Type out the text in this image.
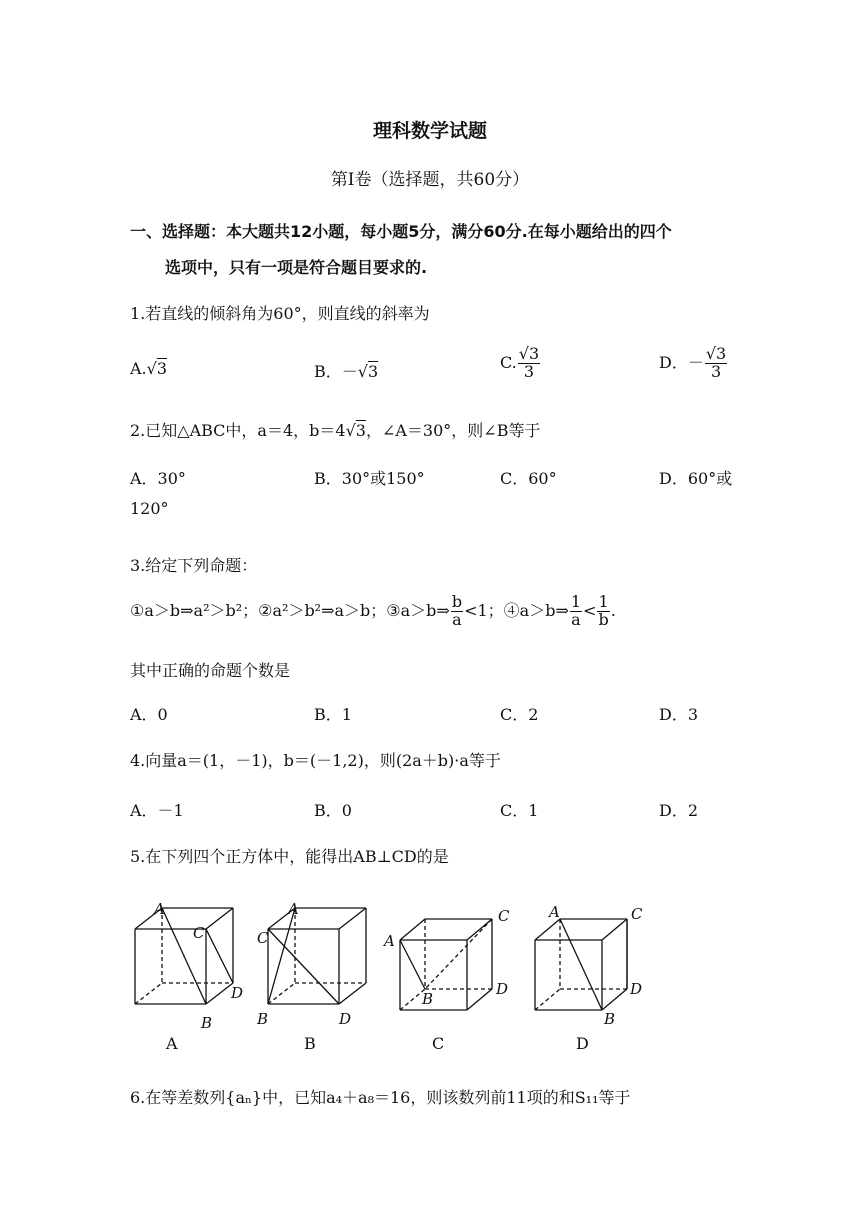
理科数学试题
第Ⅰ卷（选择题，共60分）
一、选择题：本大题共12小题，每小题5分，满分60分.在每小题给出的四个
选项中，只有一项是符合题目要求的.
1.若直线的倾斜角为60°，则直线的斜率为
A.√3	B．－√3	C. $\frac{√3}{3}$	D．－ $\frac{√3}{3}$
2.已知△ABC中，a＝4，b＝4√3，∠A＝30°，则∠B等于
A．30°	B．30°或150°	C．60°	D．60°或
120°
3.给定下列命题：
①a＞b⇒a²＞b²；②a²＞b²⇒a＞b；③a＞b⇒ $\frac{b}{a} <1$；④a＞b⇒ $\frac{1}{a} < \frac{1}{b}$ .
其中正确的命题个数是
A．0	B．1	C．2	D．3
4.向量a＝(1，－1)，b＝(－1,2)，则(2a＋b)·a等于
A．－1	B．0	C．1	D．2
5.在下列四个正方体中，能得出AB⊥CD的是
A
C
D
B
A
C
B	D
C
A
B
D
A	C
D
B
A	B	C	D
6.在等差数列{aₙ}中，已知a₄＋a₈＝16，则该数列前11项的和S₁₁等于
